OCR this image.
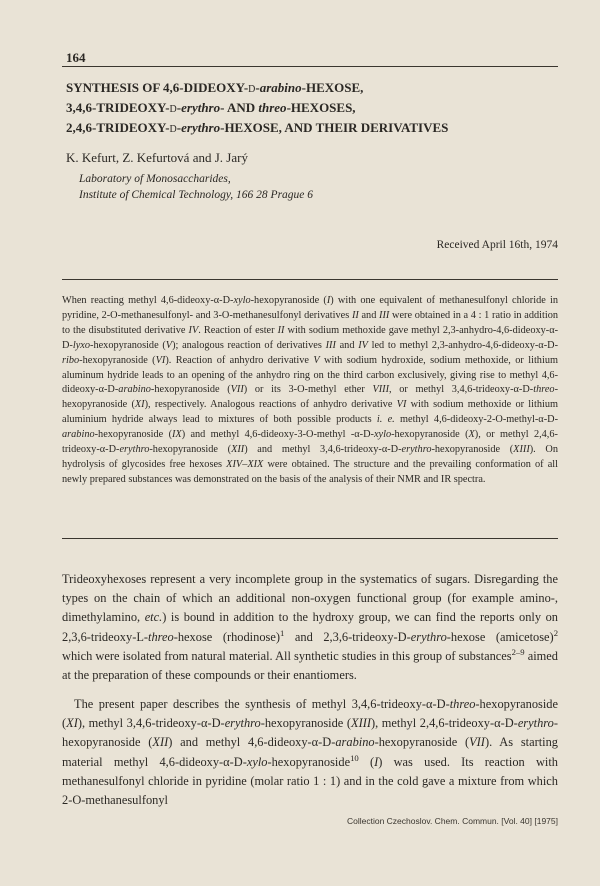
164
SYNTHESIS OF 4,6-DIDEOXY-D-arabino-HEXOSE,
3,4,6-TRIDEOXY-D-erythro- AND threo-HEXOSES,
2,4,6-TRIDEOXY-D-erythro-HEXOSE, AND THEIR DERIVATIVES

K. Kefurt, Z. Kefurtová and J. Jarý

Laboratory of Monosaccharides,
Institute of Chemical Technology, 166 28 Prague 6
Received April 16th, 1974

When reacting methyl 4,6-dideoxy-α-D-xylo-hexopyranoside (I) with one equivalent of methanesulfonyl chloride in pyridine, 2-O-methanesulfonyl- and 3-O-methanesulfonyl derivatives II and III were obtained in a 4 : 1 ratio in addition to the disubstituted derivative IV. Reaction of ester II with sodium methoxide gave methyl 2,3-anhydro-4,6-dideoxy-α-D-lyxo-hexopyranoside (V); analogous reaction of derivatives III and IV led to methyl 2,3-anhydro-4,6-dideoxy-α-D-ribo-hexopyranoside (VI). Reaction of anhydro derivative V with sodium hydroxide, sodium methoxide, or lithium aluminum hydride leads to an opening of the anhydro ring on the third carbon exclusively, giving rise to methyl 4,6-dideoxy-α-D-arabino-hexopyranoside (VII) or its 3-O-methyl ether VIII, or methyl 3,4,6-trideoxy-α-D-threo-hexopyranoside (XI), respectively. Analogous reactions of anhydro derivative VI with sodium methoxide or lithium aluminium hydride always lead to mixtures of both possible products i. e. methyl 4,6-dideoxy-2-O-methyl-α-D-arabino-hexopyranoside (IX) and methyl 4,6-dideoxy-3-O-methyl -α-D-xylo-hexopyranoside (X), or methyl 2,4,6-trideoxy-α-D-erythro-hexopyranoside (XII) and methyl 3,4,6-trideoxy-α-D-erythro-hexopyranoside (XIII). On hydrolysis of glycosides free hexoses XIV–XIX were obtained. The structure and the prevailing conformation of all newly prepared substances was demonstrated on the basis of the analysis of their NMR and IR spectra.

Trideoxyhexoses represent a very incomplete group in the systematics of sugars. Disregarding the types on the chain of which an additional non-oxygen functional group (for example amino-, dimethylamino, etc.) is bound in addition to the hydroxy group, we can find the reports only on 2,3,6-trideoxy-L-threo-hexose (rhodinose)$^1$ and 2,3,6-trideoxy-D-erythro-hexose (amicetose)$^2$ which were isolated from natural material. All synthetic studies in this group of substances$^{2-9}$ aimed at the preparation of these compounds or their enantiomers.

The present paper describes the synthesis of methyl 3,4,6-trideoxy-α-D-threo-hexopyranoside (XI), methyl 3,4,6-trideoxy-α-D-erythro-hexopyranoside (XIII), methyl 2,4,6-trideoxy-α-D-erythro-hexopyranoside (XII) and methyl 4,6-dideoxy-α-D-arabino-hexopyranoside (VII). As starting material methyl 4,6-dideoxy-α-D-xylo-hexopyranoside$^{10}$ (I) was used. Its reaction with methanesulfonyl chloride in pyridine (molar ratio 1 : 1) and in the cold gave a mixture from which 2-O-methanesulfonyl

Collection Czechoslov. Chem. Commun. [Vol. 40] [1975]
